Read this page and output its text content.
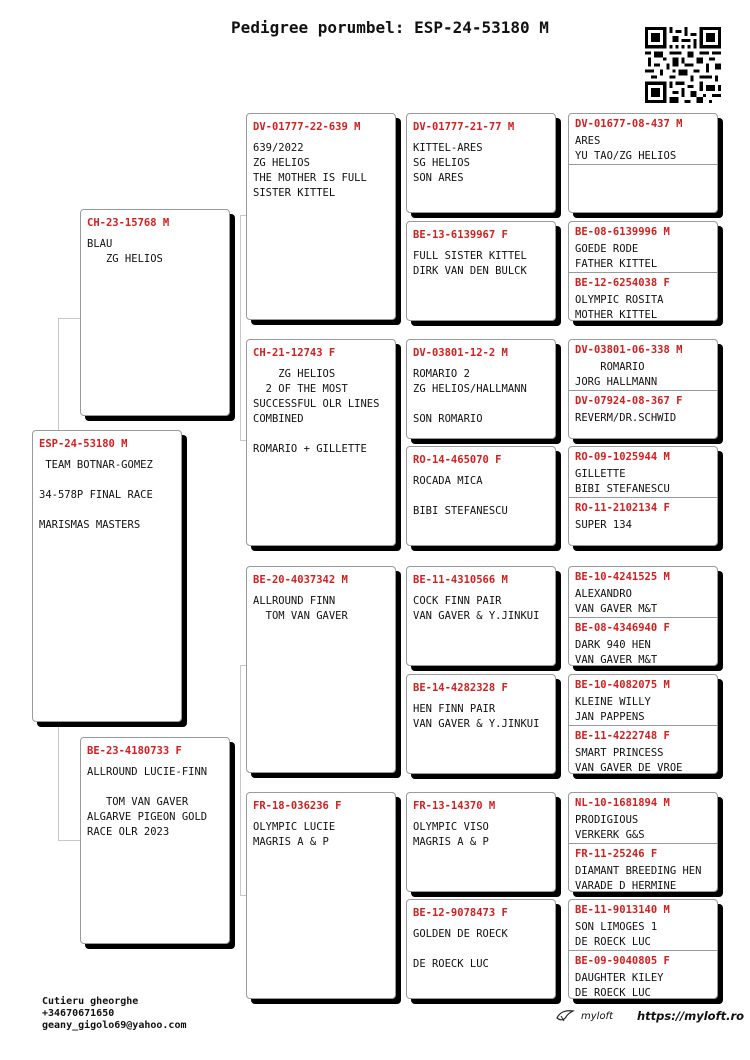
Pedigree porumbel: ESP-24-53180 M
ESP-24-53180 M
TEAM BOTNAR-GOMEZ
34-578P FINAL RACE
MARISMAS MASTERS
CH-23-15768 M
BLAU
ZG HELIOS
BE-23-4180733 F
ALLROUND LUCIE-FINN
TOM VAN GAVER
ALGARVE PIGEON GOLD
RACE OLR 2023
DV-01777-22-639 M
639/2022
ZG HELIOS
THE MOTHER IS FULL
SISTER KITTEL
CH-21-12743 F
ZG HELIOS
2 OF THE MOST
SUCCESSFUL OLR LINES
COMBINED
ROMARIO + GILLETTE
BE-20-4037342 M
ALLROUND FINN
TOM VAN GAVER
FR-18-036236 F
OLYMPIC LUCIE
MAGRIS A & P
DV-01777-21-77 M
KITTEL-ARES
SG HELIOS
SON ARES
BE-13-6139967 F
FULL SISTER KITTEL
DIRK VAN DEN BULCK
DV-03801-12-2 M
ROMARIO 2
ZG HELIOS/HALLMANN
SON ROMARIO
RO-14-465070 F
ROCADA MICA
BIBI STEFANESCU
BE-11-4310566 M
COCK FINN PAIR
VAN GAVER & Y.JINKUI
BE-14-4282328 F
HEN FINN PAIR
VAN GAVER & Y.JINKUI
FR-13-14370 M
OLYMPIC VISO
MAGRIS A & P
BE-12-9078473 F
GOLDEN DE ROECK
DE ROECK LUC
DV-01677-08-437 M
ARES
YU TAO/ZG HELIOS
BE-08-6139996 M
GOEDE RODE
FATHER KITTEL
BE-12-6254038 F
OLYMPIC ROSITA
MOTHER KITTEL
DV-03801-06-338 M
ROMARIO
JORG HALLMANN
DV-07924-08-367 F
REVERM/DR.SCHWID
RO-09-1025944 M
GILLETTE
BIBI STEFANESCU
RO-11-2102134 F
SUPER 134
BE-10-4241525 M
ALEXANDRO
VAN GAVER M&T
BE-08-4346940 F
DARK 940 HEN
VAN GAVER M&T
BE-10-4082075 M
KLEINE WILLY
JAN PAPPENS
BE-11-4222748 F
SMART PRINCESS
VAN GAVER_DE VROE
NL-10-1681894 M
PRODIGIOUS
VERKERK G&S
FR-11-25246 F
DIAMANT BREEDING HEN
VARADE D HERMINE
BE-11-9013140 M
SON LIMOGES 1
DE ROECK LUC
BE-09-9040805 F
DAUGHTER KILEY
DE ROECK LUC
Cutieru gheorghe
+34670671650
geany_gigolo69@yahoo.com
myloft https://myloft.ro
